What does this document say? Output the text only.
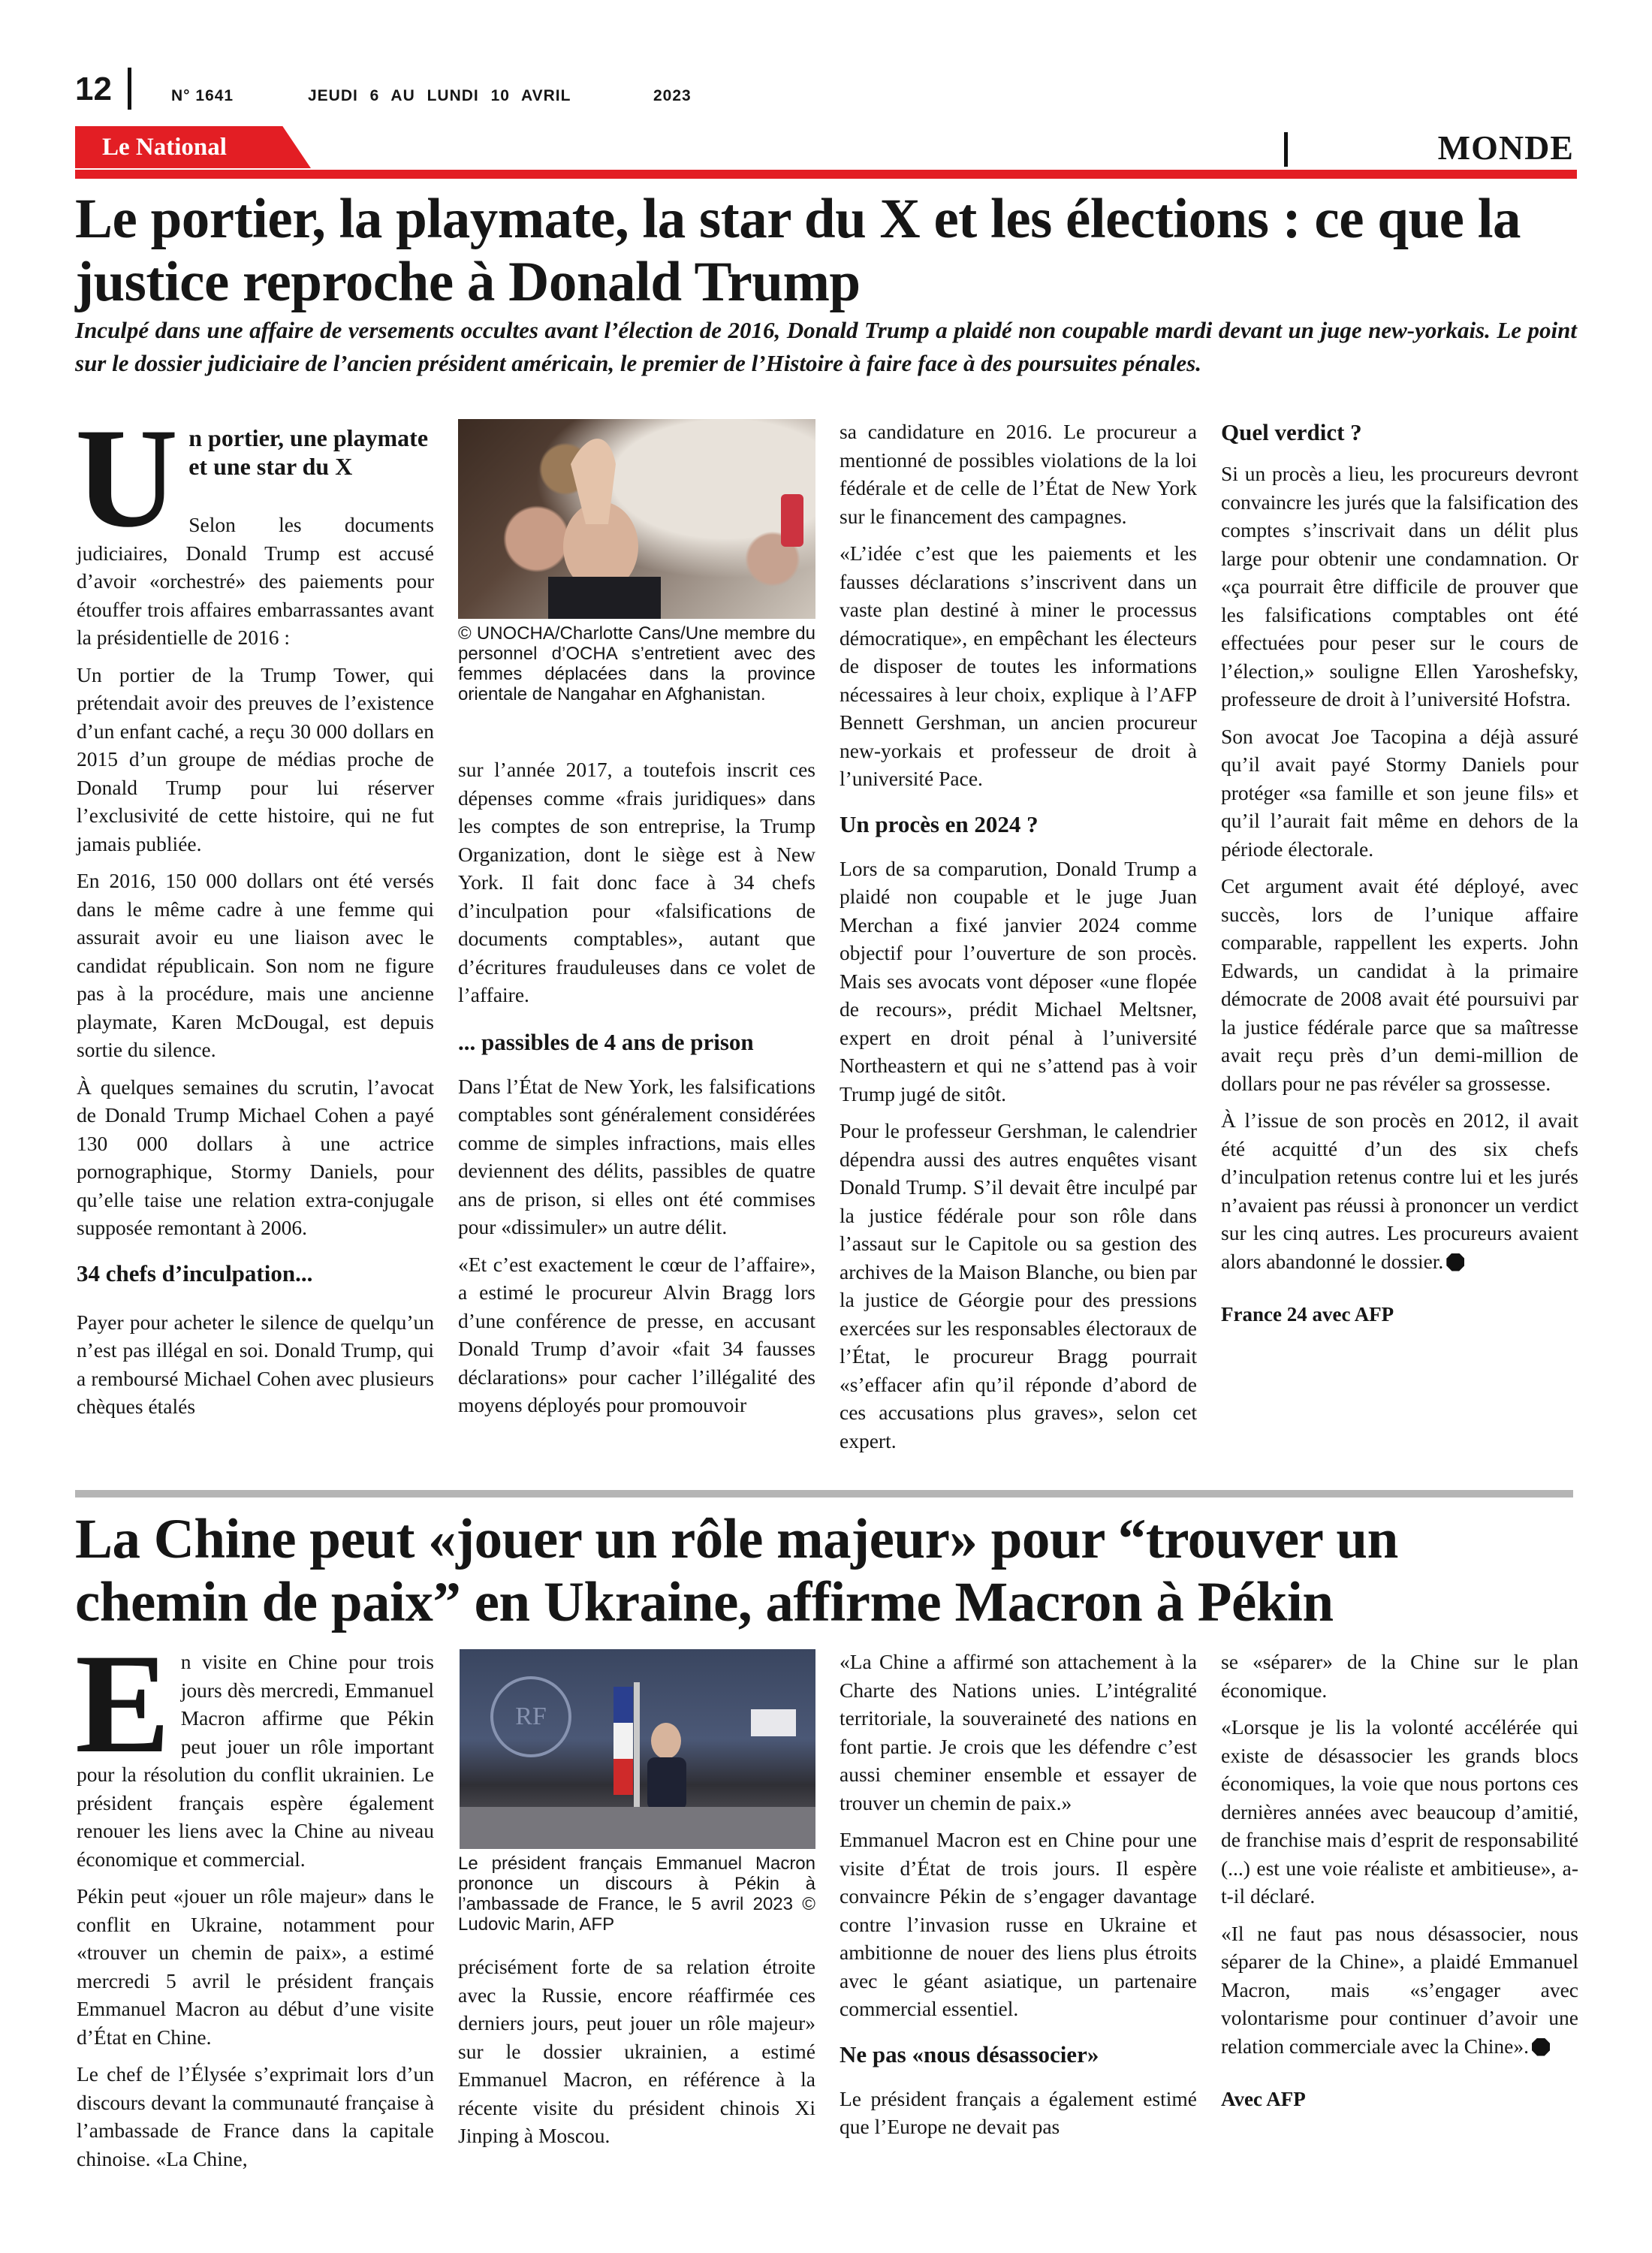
12	N° 1641	JEUDI 6 AU LUNDI 10 AVRIL	2023
Le National	MONDE
Le portier, la playmate, la star du X et les élections : ce que la justice reproche à Donald Trump
Inculpé dans une affaire de versements occultes avant l’élection de 2016, Donald Trump a plaidé non coupable mardi devant un juge new-yorkais. Le point sur le dossier judiciaire de l’ancien président américain, le premier de l’Histoire à faire face à des poursuites pénales.
U n portier, une playmate et une star du X

Selon les documents judiciaires, Donald Trump est accusé d’avoir «orchestré» des paiements pour étouffer trois affaires embarrassantes avant la présidentielle de 2016 :

Un portier de la Trump Tower, qui prétendait avoir des preuves de l’existence d’un enfant caché, a reçu 30 000 dollars en 2015 d’un groupe de médias proche de Donald Trump pour lui réserver l’exclusivité de cette histoire, qui ne fut jamais publiée.

En 2016, 150 000 dollars ont été versés dans le même cadre à une femme qui assurait avoir eu une liaison avec le candidat républicain. Son nom ne figure pas à la procédure, mais une ancienne playmate, Karen McDougal, est depuis sortie du silence.

À quelques semaines du scrutin, l’avocat de Donald Trump Michael Cohen a payé 130 000 dollars à une actrice pornographique, Stormy Daniels, pour qu’elle taise une relation extra-conjugale supposée remontant à 2006.

34 chefs d’inculpation...

Payer pour acheter le silence de quelqu’un n’est pas illégal en soi. Donald Trump, qui a remboursé Michael Cohen avec plusieurs chèques étalés

© UNOCHA/Charlotte Cans/Une membre du personnel d’OCHA s’entretient avec des femmes déplacées dans la province orientale de Nangahar en Afghanistan.

sur l’année 2017, a toutefois inscrit ces dépenses comme «frais juridiques» dans les comptes de son entreprise, la Trump Organization, dont le siège est à New York. Il fait donc face à 34 chefs d’inculpation pour «falsifications de documents comptables», autant que d’écritures frauduleuses dans ce volet de l’affaire.

... passibles de 4 ans de prison

Dans l’État de New York, les falsifications comptables sont généralement considérées comme de simples infractions, mais elles deviennent des délits, passibles de quatre ans de prison, si elles ont été commises pour «dissimuler» un autre délit.

«Et c’est exactement le cœur de l’affaire», a estimé le procureur Alvin Bragg lors d’une conférence de presse, en accusant Donald Trump d’avoir «fait 34 fausses déclarations» pour cacher l’illégalité des moyens déployés pour promouvoir

sa candidature en 2016. Le procureur a mentionné de possibles violations de la loi fédérale et de celle de l’État de New York sur le financement des campagnes.

«L’idée c’est que les paiements et les fausses déclarations s’inscrivent dans un vaste plan destiné à miner le processus démocratique», en empêchant les électeurs de disposer de toutes les informations nécessaires à leur choix, explique à l’AFP Bennett Gershman, un ancien procureur new-yorkais et professeur de droit à l’université Pace.

Un procès en 2024 ?

Lors de sa comparution, Donald Trump a plaidé non coupable et le juge Juan Merchan a fixé janvier 2024 comme objectif pour l’ouverture de son procès. Mais ses avocats vont déposer «une flopée de recours», prédit Michael Meltsner, expert en droit pénal à l’université Northeastern et qui ne s’attend pas à voir Trump jugé de sitôt.

Pour le professeur Gershman, le calendrier dépendra aussi des autres enquêtes visant Donald Trump. S’il devait être inculpé par la justice fédérale pour son rôle dans l’assaut sur le Capitole ou sa gestion des archives de la Maison Blanche, ou bien par la justice de Géorgie pour des pressions exercées sur les responsables électoraux de l’État, le procureur Bragg pourrait «s’effacer afin qu’il réponde d’abord de ces accusations plus graves», selon cet expert.

Quel verdict ?

Si un procès a lieu, les procureurs devront convaincre les jurés que la falsification des comptes s’inscrivait dans un délit plus large pour obtenir une condamnation. Or «ça pourrait être difficile de prouver que les falsifications comptables ont été effectuées pour peser sur le cours de l’élection,» souligne Ellen Yaroshefsky, professeure de droit à l’université Hofstra.

Son avocat Joe Tacopina a déjà assuré qu’il avait payé Stormy Daniels pour protéger «sa famille et son jeune fils» et qu’il l’aurait fait même en dehors de la période électorale.

Cet argument avait été déployé, avec succès, lors de l’unique affaire comparable, rappellent les experts. John Edwards, un candidat à la primaire démocrate de 2008 avait été poursuivi par la justice fédérale parce que sa maîtresse avait reçu près d’un demi-million de dollars pour ne pas révéler sa grossesse.

À l’issue de son procès en 2012, il avait été acquitté d’un des six chefs d’inculpation retenus contre lui et les jurés n’avaient pas réussi à prononcer un verdict sur les cinq autres. Les procureurs avaient alors abandonné le dossier.

France 24 avec AFP

La Chine peut «jouer un rôle majeur» pour “trouver un chemin de paix” en Ukraine, affirme Macron à Pékin
E n visite en Chine pour trois jours dès mercredi, Emmanuel Macron affirme que Pékin peut jouer un rôle important pour la résolution du conflit ukrainien. Le président français espère également renouer les liens avec la Chine au niveau économique et commercial.

Pékin peut «jouer un rôle majeur» dans le conflit en Ukraine, notamment pour «trouver un chemin de paix», a estimé mercredi 5 avril le président français Emmanuel Macron au début d’une visite d’État en Chine.

Le chef de l’Élysée s’exprimait lors d’un discours devant la communauté française à l’ambassade de France dans la capitale chinoise. «La Chine,

RF
Le président français Emmanuel Macron prononce un discours à Pékin à l’ambassade de France, le 5 avril 2023 © Ludovic Marin, AFP

précisément forte de sa relation étroite avec la Russie, encore réaffirmée ces derniers jours, peut jouer un rôle majeur» sur le dossier ukrainien, a estimé Emmanuel Macron, en référence à la récente visite du président chinois Xi Jinping à Moscou.

«La Chine a affirmé son attachement à la Charte des Nations unies. L’intégralité territoriale, la souveraineté des nations en font partie. Je crois que les défendre c’est aussi cheminer ensemble et essayer de trouver un chemin de paix.»

Emmanuel Macron est en Chine pour une visite d’État de trois jours. Il espère convaincre Pékin de s’engager davantage contre l’invasion russe en Ukraine et ambitionne de nouer des liens plus étroits avec le géant asiatique, un partenaire commercial essentiel.

Ne pas «nous désassocier»

Le président français a également estimé que l’Europe ne devait pas

se «séparer» de la Chine sur le plan économique.

«Lorsque je lis la volonté accélérée qui existe de désassocier les grands blocs économiques, la voie que nous portons ces dernières années avec beaucoup d’amitié, de franchise mais d’esprit de responsabilité (...) est une voie réaliste et ambitieuse», a-t-il déclaré.

«Il ne faut pas nous désassocier, nous séparer de la Chine», a plaidé Emmanuel Macron, mais «s’engager avec volontarisme pour continuer d’avoir une relation commerciale avec la Chine».

Avec AFP
